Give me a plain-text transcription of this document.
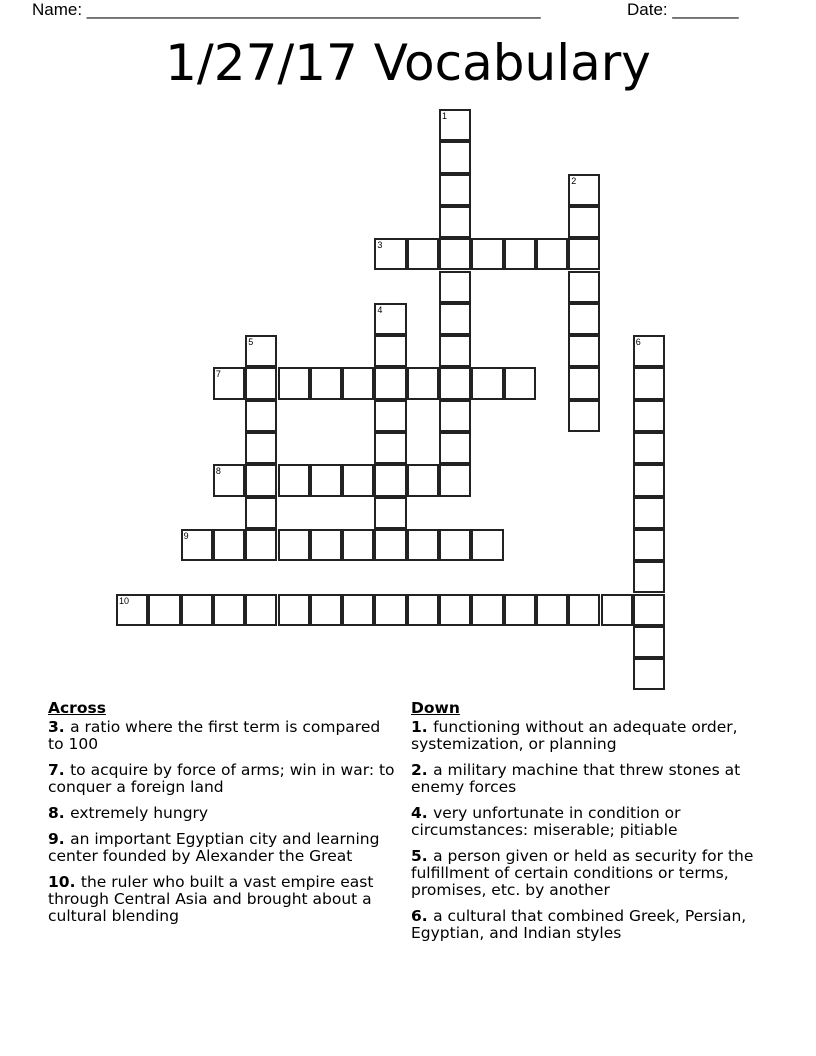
Name: ________________________________________________	Date: _______
1/27/17 Vocabulary
1
2
3
4
5	6
7
8
9
10
Across
3. a ratio where the first term is compared to 100
7. to acquire by force of arms; win in war: to conquer a foreign land
8. extremely hungry
9. an important Egyptian city and learning center founded by Alexander the Great
10. the ruler who built a vast empire east through Central Asia and brought about a cultural blending
Down
1. functioning without an adequate order, systemization, or planning
2. a military machine that threw stones at enemy forces
4. very unfortunate in condition or circumstances: miserable; pitiable
5. a person given or held as security for the fulfillment of certain conditions or terms, promises, etc. by another
6. a cultural that combined Greek, Persian, Egyptian, and Indian styles
